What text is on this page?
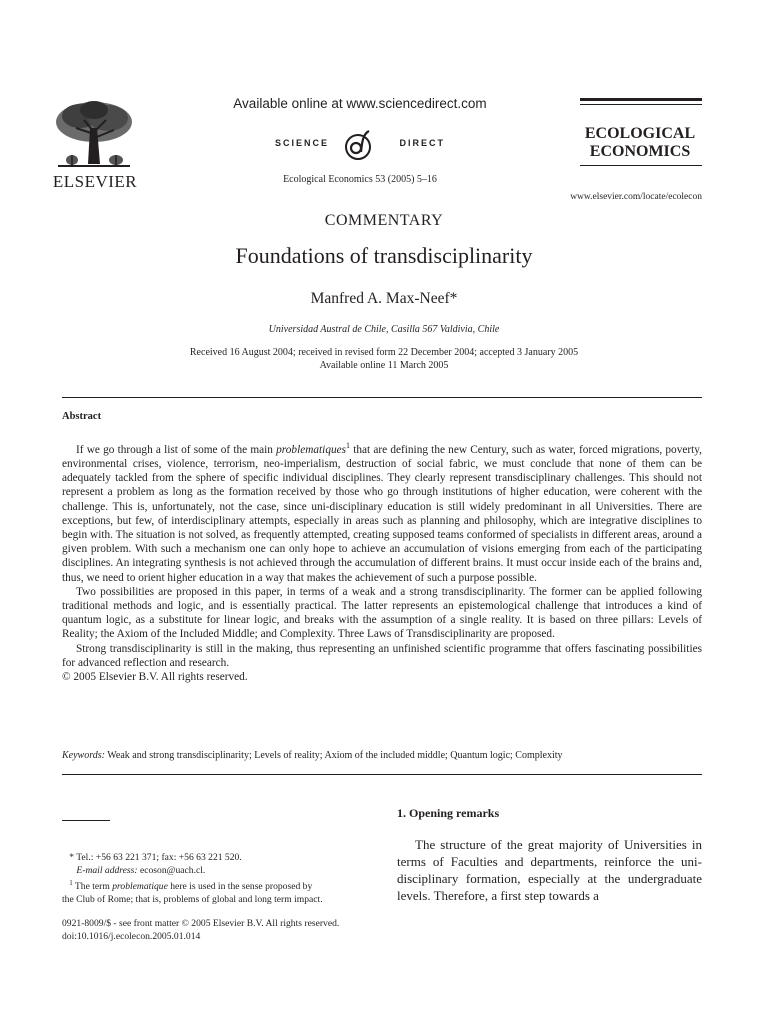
ELSEVIER
Available online at www.sciencedirect.com
SCIENCE	DIRECT
Ecological Economics 53 (2005) 5–16
ECOLOGICAL
ECONOMICS
www.elsevier.com/locate/ecolecon
COMMENTARY
Foundations of transdisciplinarity
Manfred A. Max-Neef*
Universidad Austral de Chile, Casilla 567 Valdivia, Chile
Received 16 August 2004; received in revised form 22 December 2004; accepted 3 January 2005
Available online 11 March 2005
Abstract

If we go through a list of some of the main problematiques$^1$ that are defining the new Century, such as water, forced migrations, poverty, environmental crises, violence, terrorism, neo-imperialism, destruction of social fabric, we must conclude that none of them can be adequately tackled from the sphere of specific individual disciplines. They clearly represent transdisciplinary challenges. This should not represent a problem as long as the formation received by those who go through institutions of higher education, were coherent with the challenge. This is, unfortunately, not the case, since uni-disciplinary education is still widely predominant in all Universities. There are exceptions, but few, of interdisciplinary attempts, especially in areas such as planning and philosophy, which are integrative disciplines to begin with. The situation is not solved, as frequently attempted, creating supposed teams conformed of specialists in different areas, around a given problem. With such a mechanism one can only hope to achieve an accumulation of visions emerging from each of the participating disciplines. An integrating synthesis is not achieved through the accumulation of different brains. It must occur inside each of the brains and, thus, we need to orient higher education in a way that makes the achievement of such a purpose possible.

Two possibilities are proposed in this paper, in terms of a weak and a strong transdisciplinarity. The former can be applied following traditional methods and logic, and is essentially practical. The latter represents an epistemological challenge that introduces a kind of quantum logic, as a substitute for linear logic, and breaks with the assumption of a single reality. It is based on three pillars: Levels of Reality; the Axiom of the Included Middle; and Complexity. Three Laws of Transdisciplinarity are proposed.

Strong transdisciplinarity is still in the making, thus representing an unfinished scientific programme that offers fascinating possibilities for advanced reflection and research.

© 2005 Elsevier B.V. All rights reserved.
Keywords: Weak and strong transdisciplinarity; Levels of reality; Axiom of the included middle; Quantum logic; Complexity
* Tel.: +56 63 221 371; fax: +56 63 221 520.
E-mail address: ecoson@uach.cl.
$^1$ The term problematique here is used in the sense proposed by
the Club of Rome; that is, problems of global and long term impact.
0921-8009/$ - see front matter © 2005 Elsevier B.V. All rights reserved.
doi:10.1016/j.ecolecon.2005.01.014
1. Opening remarks
The structure of the great majority of Universities in terms of Faculties and departments, reinforce the uni-disciplinary formation, especially at the undergraduate levels. Therefore, a first step towards a
